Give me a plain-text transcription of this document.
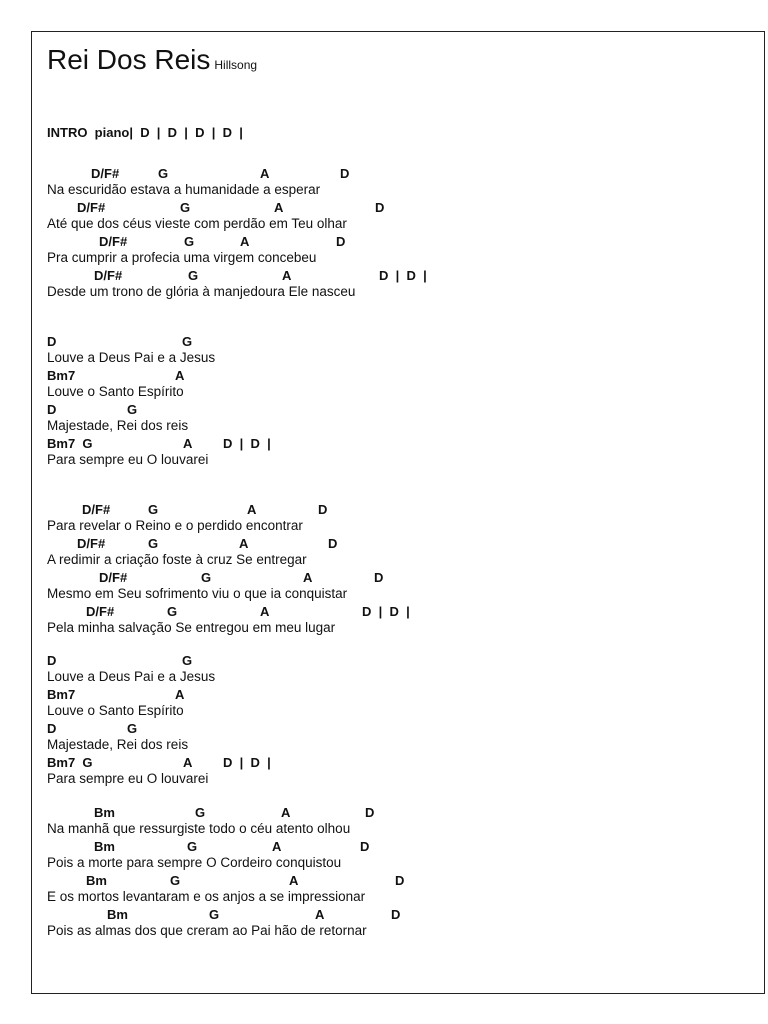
Rei Dos Reis Hillsong
INTRO  piano|  D  |  D  |  D  |  D  |
D/F#	G	A	D
Na escuridão estava a humanidade a esperar
D/F#	G	A	D
Até que dos céus vieste com perdão em Teu olhar
D/F#	G	A	D
Pra cumprir a profecia uma virgem concebeu
D/F#	G	A	D  |  D  |
Desde um trono de glória à manjedoura Ele nasceu
D	G
Louve a Deus Pai e a Jesus
Bm7	A
Louve o Santo Espírito
D	G
Majestade, Rei dos reis
Bm7  G	A D  |  D  |
Para sempre eu O louvarei
D/F#	G	A	D
Para revelar o Reino e o perdido encontrar
D/F#	G	A	D
A redimir a criação foste à cruz Se entregar
D/F#	G	A	D
Mesmo em Seu sofrimento viu o que ia conquistar
D/F#	G	A	D  |  D  |
Pela minha salvação Se entregou em meu lugar
D	G
Louve a Deus Pai e a Jesus
Bm7	A
Louve o Santo Espírito
D	G
Majestade, Rei dos reis
Bm7  G	A D  |  D  |
Para sempre eu O louvarei
Bm	G	A	D
Na manhã que ressurgiste todo o céu atento olhou
Bm	G	A	D
Pois a morte para sempre O Cordeiro conquistou
Bm	G	A	D
E os mortos levantaram e os anjos a se impressionar
Bm	G	A	D
Pois as almas dos que creram ao Pai hão de retornar
